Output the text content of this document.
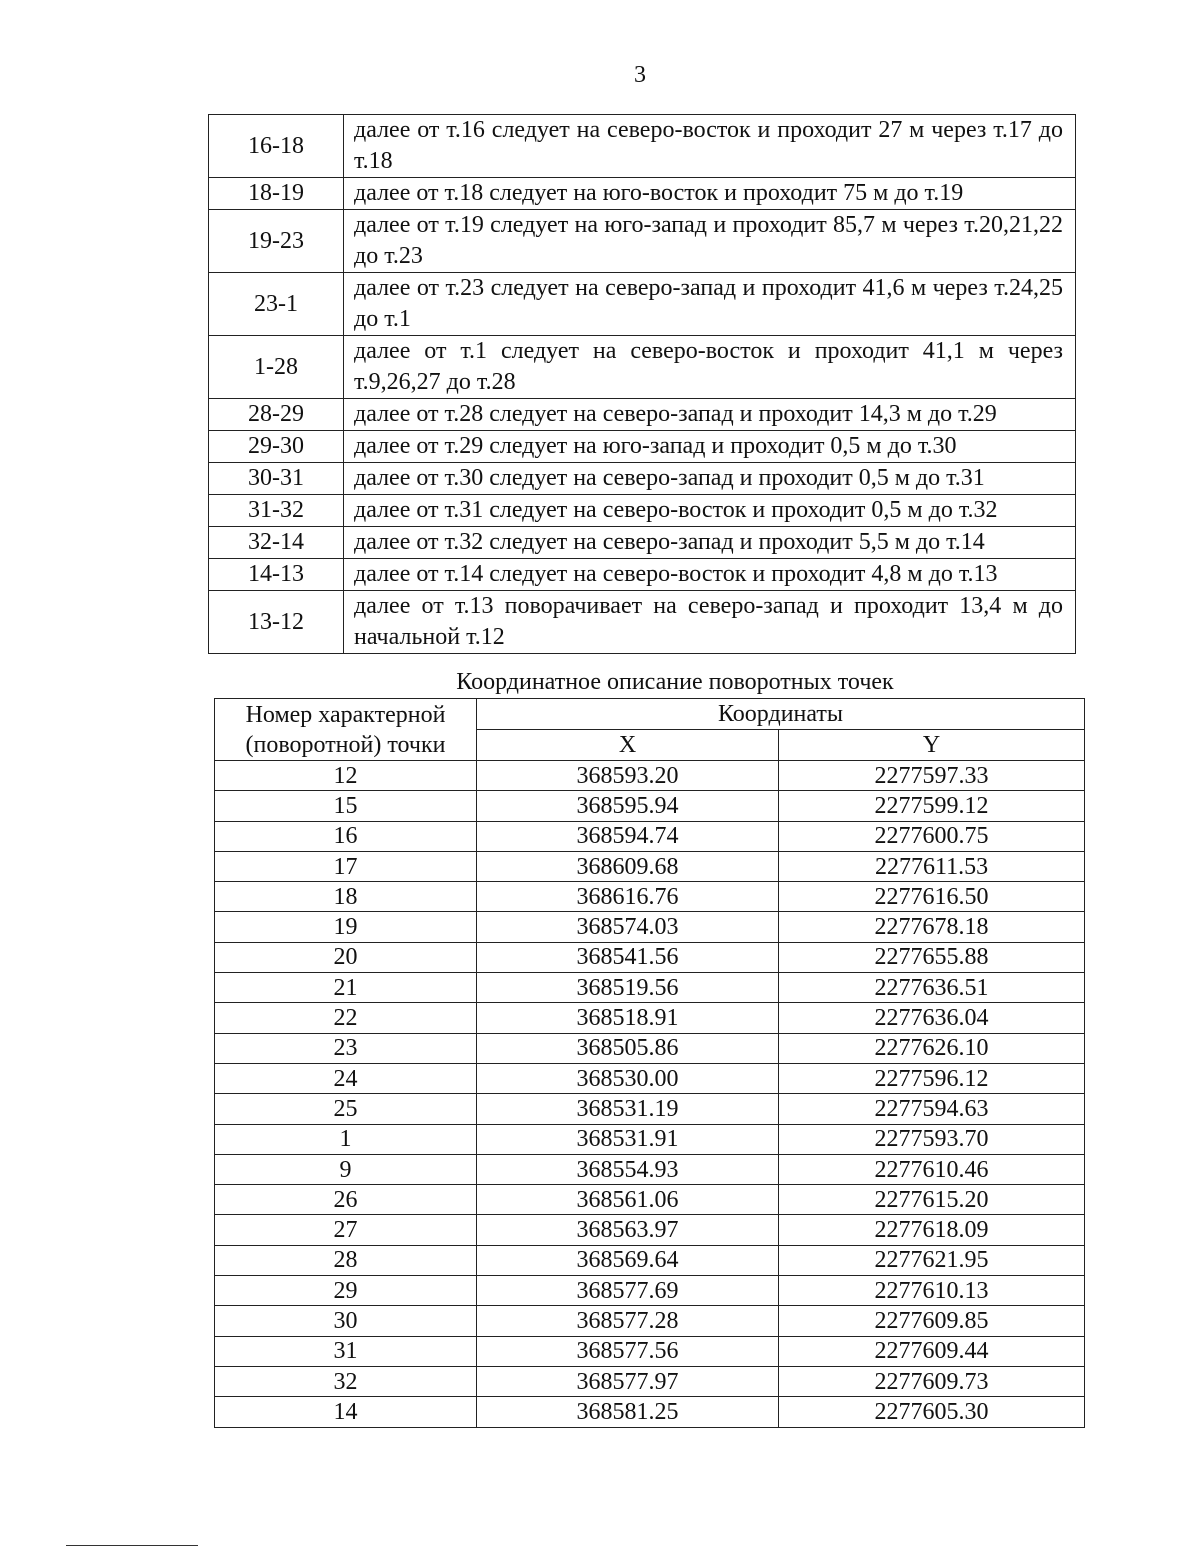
3
16-18	далее от т.16 следует на северо-восток и проходит 27 м через т.17 до т.18
18-19	далее от т.18 следует на юго-восток и проходит 75 м до т.19
19-23	далее от т.19 следует на юго-запад и проходит 85,7 м через т.20,21,22 до т.23
23-1	далее от т.23 следует на северо-запад и проходит 41,6 м через т.24,25 до т.1
1-28	далее от т.1 следует на северо-восток и проходит 41,1 м через т.9,26,27 до т.28
28-29	далее от т.28 следует на северо-запад и проходит 14,3 м до т.29
29-30	далее от т.29 следует на юго-запад и проходит 0,5 м до т.30
30-31	далее от т.30 следует на северо-запад и проходит 0,5 м до т.31
31-32	далее от т.31 следует на северо-восток и проходит 0,5 м до т.32
32-14	далее от т.32 следует на северо-запад и проходит 5,5 м до т.14
14-13	далее от т.14 следует на северо-восток и проходит 4,8 м до т.13
13-12	далее от т.13 поворачивает на северо-запад и проходит 13,4 м до начальной т.12
Координатное описание поворотных точек
Номер характерной (поворотной) точки	Координаты	
	X	Y
12	368593.20	2277597.33
15	368595.94	2277599.12
16	368594.74	2277600.75
17	368609.68	2277611.53
18	368616.76	2277616.50
19	368574.03	2277678.18
20	368541.56	2277655.88
21	368519.56	2277636.51
22	368518.91	2277636.04
23	368505.86	2277626.10
24	368530.00	2277596.12
25	368531.19	2277594.63
1	368531.91	2277593.70
9	368554.93	2277610.46
26	368561.06	2277615.20
27	368563.97	2277618.09
28	368569.64	2277621.95
29	368577.69	2277610.13
30	368577.28	2277609.85
31	368577.56	2277609.44
32	368577.97	2277609.73
14	368581.25	2277605.30
